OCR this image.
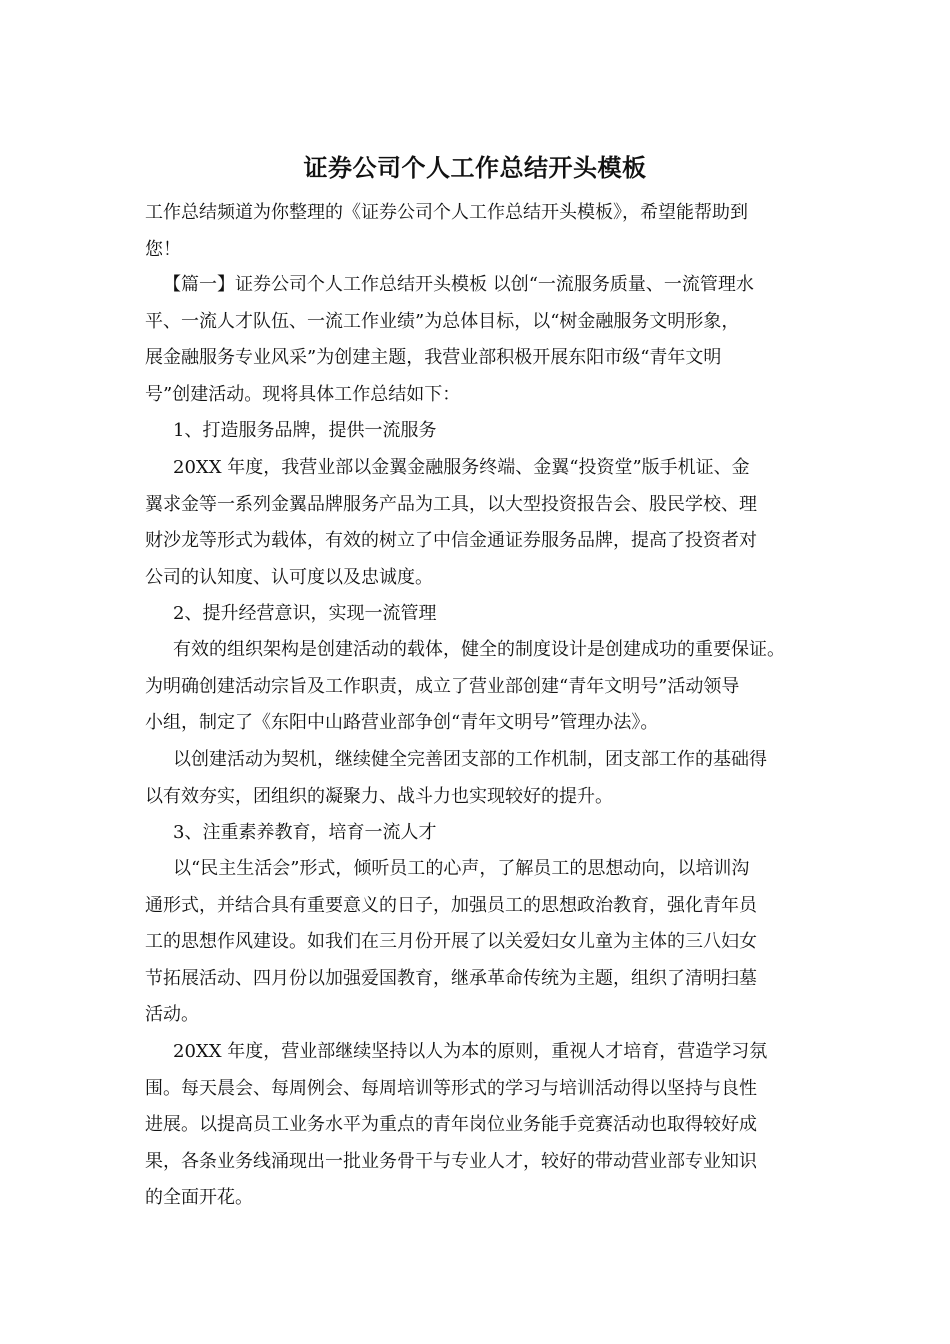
证券公司个人工作总结开头模板
工作总结频道为你整理的《证券公司个人工作总结开头模板》，希望能帮助到
您！
【篇一】证券公司个人工作总结开头模板 以创“一流服务质量、一流管理水
平、一流人才队伍、一流工作业绩”为总体目标，以“树金融服务文明形象，
展金融服务专业风采”为创建主题，我营业部积极开展东阳市级“青年文明
号”创建活动。现将具体工作总结如下：
1、打造服务品牌，提供一流服务
20XX 年度，我营业部以金翼金融服务终端、金翼“投资堂”版手机证、金
翼求金等一系列金翼品牌服务产品为工具，以大型投资报告会、股民学校、理
财沙龙等形式为载体，有效的树立了中信金通证券服务品牌，提高了投资者对
公司的认知度、认可度以及忠诚度。
2、提升经营意识，实现一流管理
有效的组织架构是创建活动的载体，健全的制度设计是创建成功的重要保证。
为明确创建活动宗旨及工作职责，成立了营业部创建“青年文明号”活动领导
小组，制定了《东阳中山路营业部争创“青年文明号”管理办法》。
以创建活动为契机，继续健全完善团支部的工作机制，团支部工作的基础得
以有效夯实，团组织的凝聚力、战斗力也实现较好的提升。
3、注重素养教育，培育一流人才
以“民主生活会”形式，倾听员工的心声，了解员工的思想动向，以培训沟
通形式，并结合具有重要意义的日子，加强员工的思想政治教育，强化青年员
工的思想作风建设。如我们在三月份开展了以关爱妇女儿童为主体的三八妇女
节拓展活动、四月份以加强爱国教育，继承革命传统为主题，组织了清明扫墓
活动。
20XX 年度，营业部继续坚持以人为本的原则，重视人才培育，营造学习氛
围。每天晨会、每周例会、每周培训等形式的学习与培训活动得以坚持与良性
进展。以提高员工业务水平为重点的青年岗位业务能手竞赛活动也取得较好成
果，各条业务线涌现出一批业务骨干与专业人才，较好的带动营业部专业知识
的全面开花。
